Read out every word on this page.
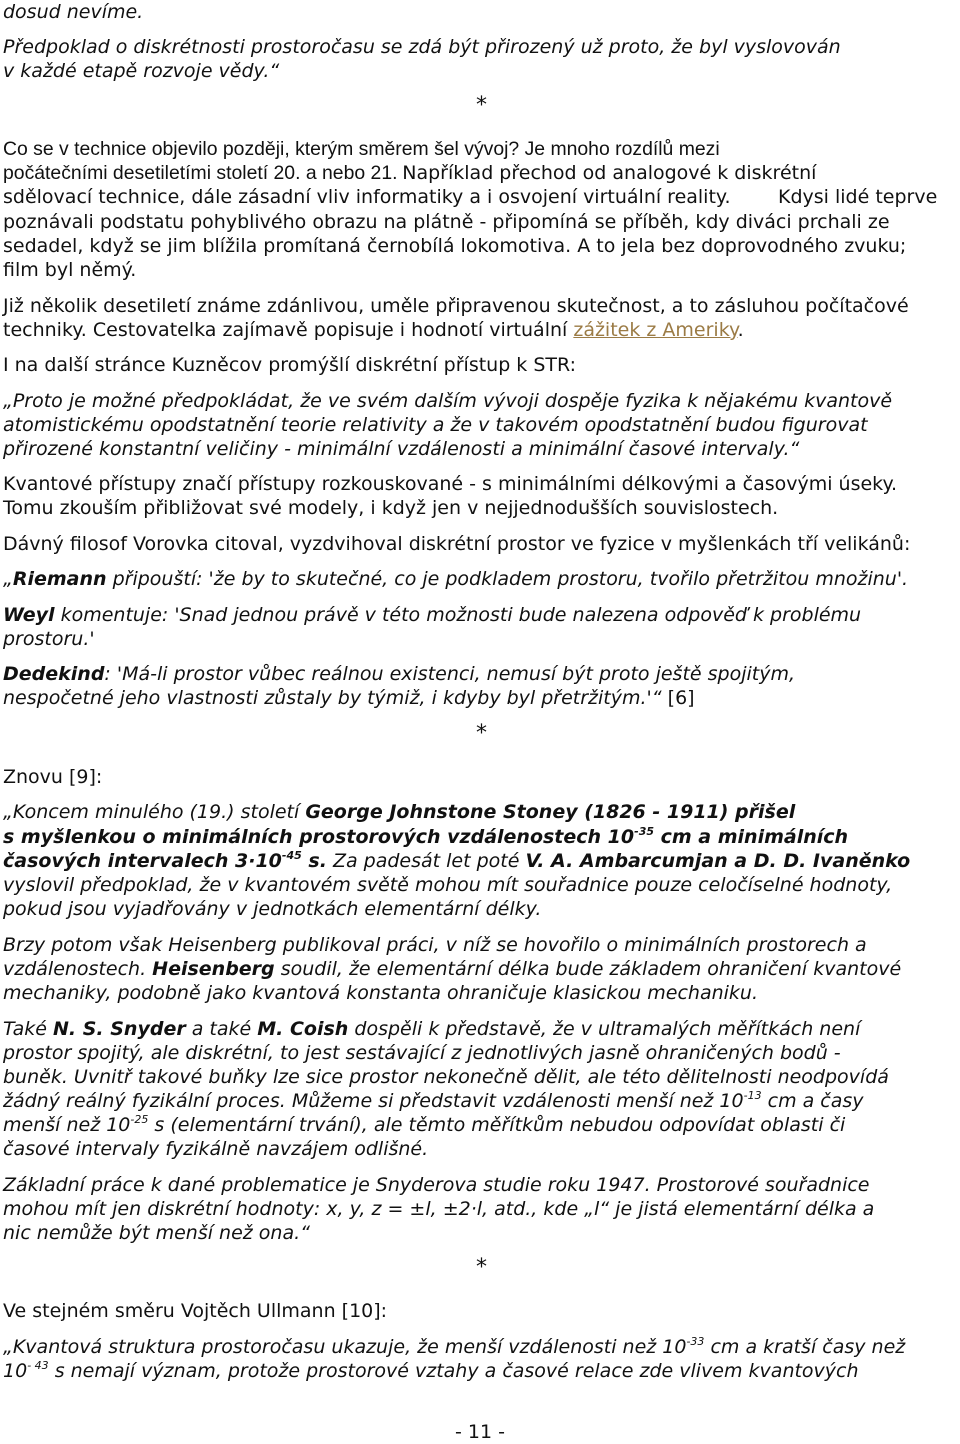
dosud nevíme.
Předpoklad o diskrétnosti prostoročasu se zdá být přirozený už proto, že byl vyslovován
v každé etapě rozvoje vědy.“
*
Co se v technice objevilo později, kterým směrem šel vývoj? Je mnoho rozdílů mezi
počátečními desetiletími století 20. a nebo 21. Například přechod od analogové k diskrétní
sdělovací technice, dále zásadní vliv informatiky a i osvojení virtuální reality.	Kdysi lidé teprve
poznávali podstatu pohyblivého obrazu na plátně - připomíná se příběh, kdy diváci prchali ze
sedadel, když se jim blížila promítaná černobílá lokomotiva. A to jela bez doprovodného zvuku;
film byl němý.
Již několik desetiletí známe zdánlivou, uměle připravenou skutečnost, a to zásluhou počítačové
techniky. Cestovatelka zajímavě popisuje i hodnotí virtuální zážitek z Ameriky.
I na další stránce Kuzněcov promýšlí diskrétní přístup k STR:
„Proto je možné předpokládat, že ve svém dalším vývoji dospěje fyzika k nějakému kvantově
atomistickému opodstatnění teorie relativity a že v takovém opodstatnění budou figurovat
přirozené konstantní veličiny - minimální vzdálenosti a minimální časové intervaly.“
Kvantové přístupy značí přístupy rozkouskované - s minimálními délkovými a časovými úseky.
Tomu zkouším přibližovat své modely, i když jen v nejjednodušších souvislostech.
Dávný filosof Vorovka citoval, vyzdvihoval diskrétní prostor ve fyzice v myšlenkách tří velikánů:
„Riemann připouští: 'že by to skutečné, co je podkladem prostoru, tvořilo přetržitou množinu'.
Weyl komentuje: 'Snad jednou právě v této možnosti bude nalezena odpověď k problému
prostoru.'
Dedekind: 'Má-li prostor vůbec reálnou existenci, nemusí být proto ještě spojitým,
nespočetné jeho vlastnosti zůstaly by týmiž, i kdyby byl přetržitým.'“ [6]
*
Znovu [9]:
„Koncem minulého (19.) století George Johnstone Stoney (1826 - 1911) přišel
s myšlenkou o minimálních prostorových vzdálenostech $10^{-35}$ cm a minimálních
časových intervalech $3\cdot 10^{-45}$ s. Za padesát let poté V. A. Ambarcumjan a D. D. Ivaněnko
vyslovil předpoklad, že v kvantovém světě mohou mít souřadnice pouze celočíselné hodnoty,
pokud jsou vyjadřovány v jednotkách elementární délky.
Brzy potom však Heisenberg publikoval práci, v níž se hovořilo o minimálních prostorech a
vzdálenostech. Heisenberg soudil, že elementární délka bude základem ohraničení kvantové
mechaniky, podobně jako kvantová konstanta ohraničuje klasickou mechaniku.
Také N. S. Snyder a také M. Coish dospěli k představě, že v ultramalých měřítkách není
prostor spojitý, ale diskrétní, to jest sestávající z jednotlivých jasně ohraničených bodů -
buněk. Uvnitř takové buňky lze sice prostor nekonečně dělit, ale této dělitelnosti neodpovídá
žádný reálný fyzikální proces. Můžeme si představit vzdálenosti menší než $10^{-13}$ cm a časy
menší než $10^{-25}$ s (elementární trvání), ale těmto měřítkům nebudou odpovídat oblasti či
časové intervaly fyzikálně navzájem odlišné.
Základní práce k dané problematice je Snyderova studie roku 1947. Prostorové souřadnice
mohou mít jen diskrétní hodnoty: x, y, z = ±l, ±2·l, atd., kde „l“ je jistá elementární délka a
nic nemůže být menší než ona.“
*
Ve stejném směru Vojtěch Ullmann [10]:
„Kvantová struktura prostoročasu ukazuje, že menší vzdálenosti než $10^{-33}$ cm a kratší časy než
$10^{- 43}$ s nemají význam, protože prostorové vztahy a časové relace zde vlivem kvantových
- 11 -
